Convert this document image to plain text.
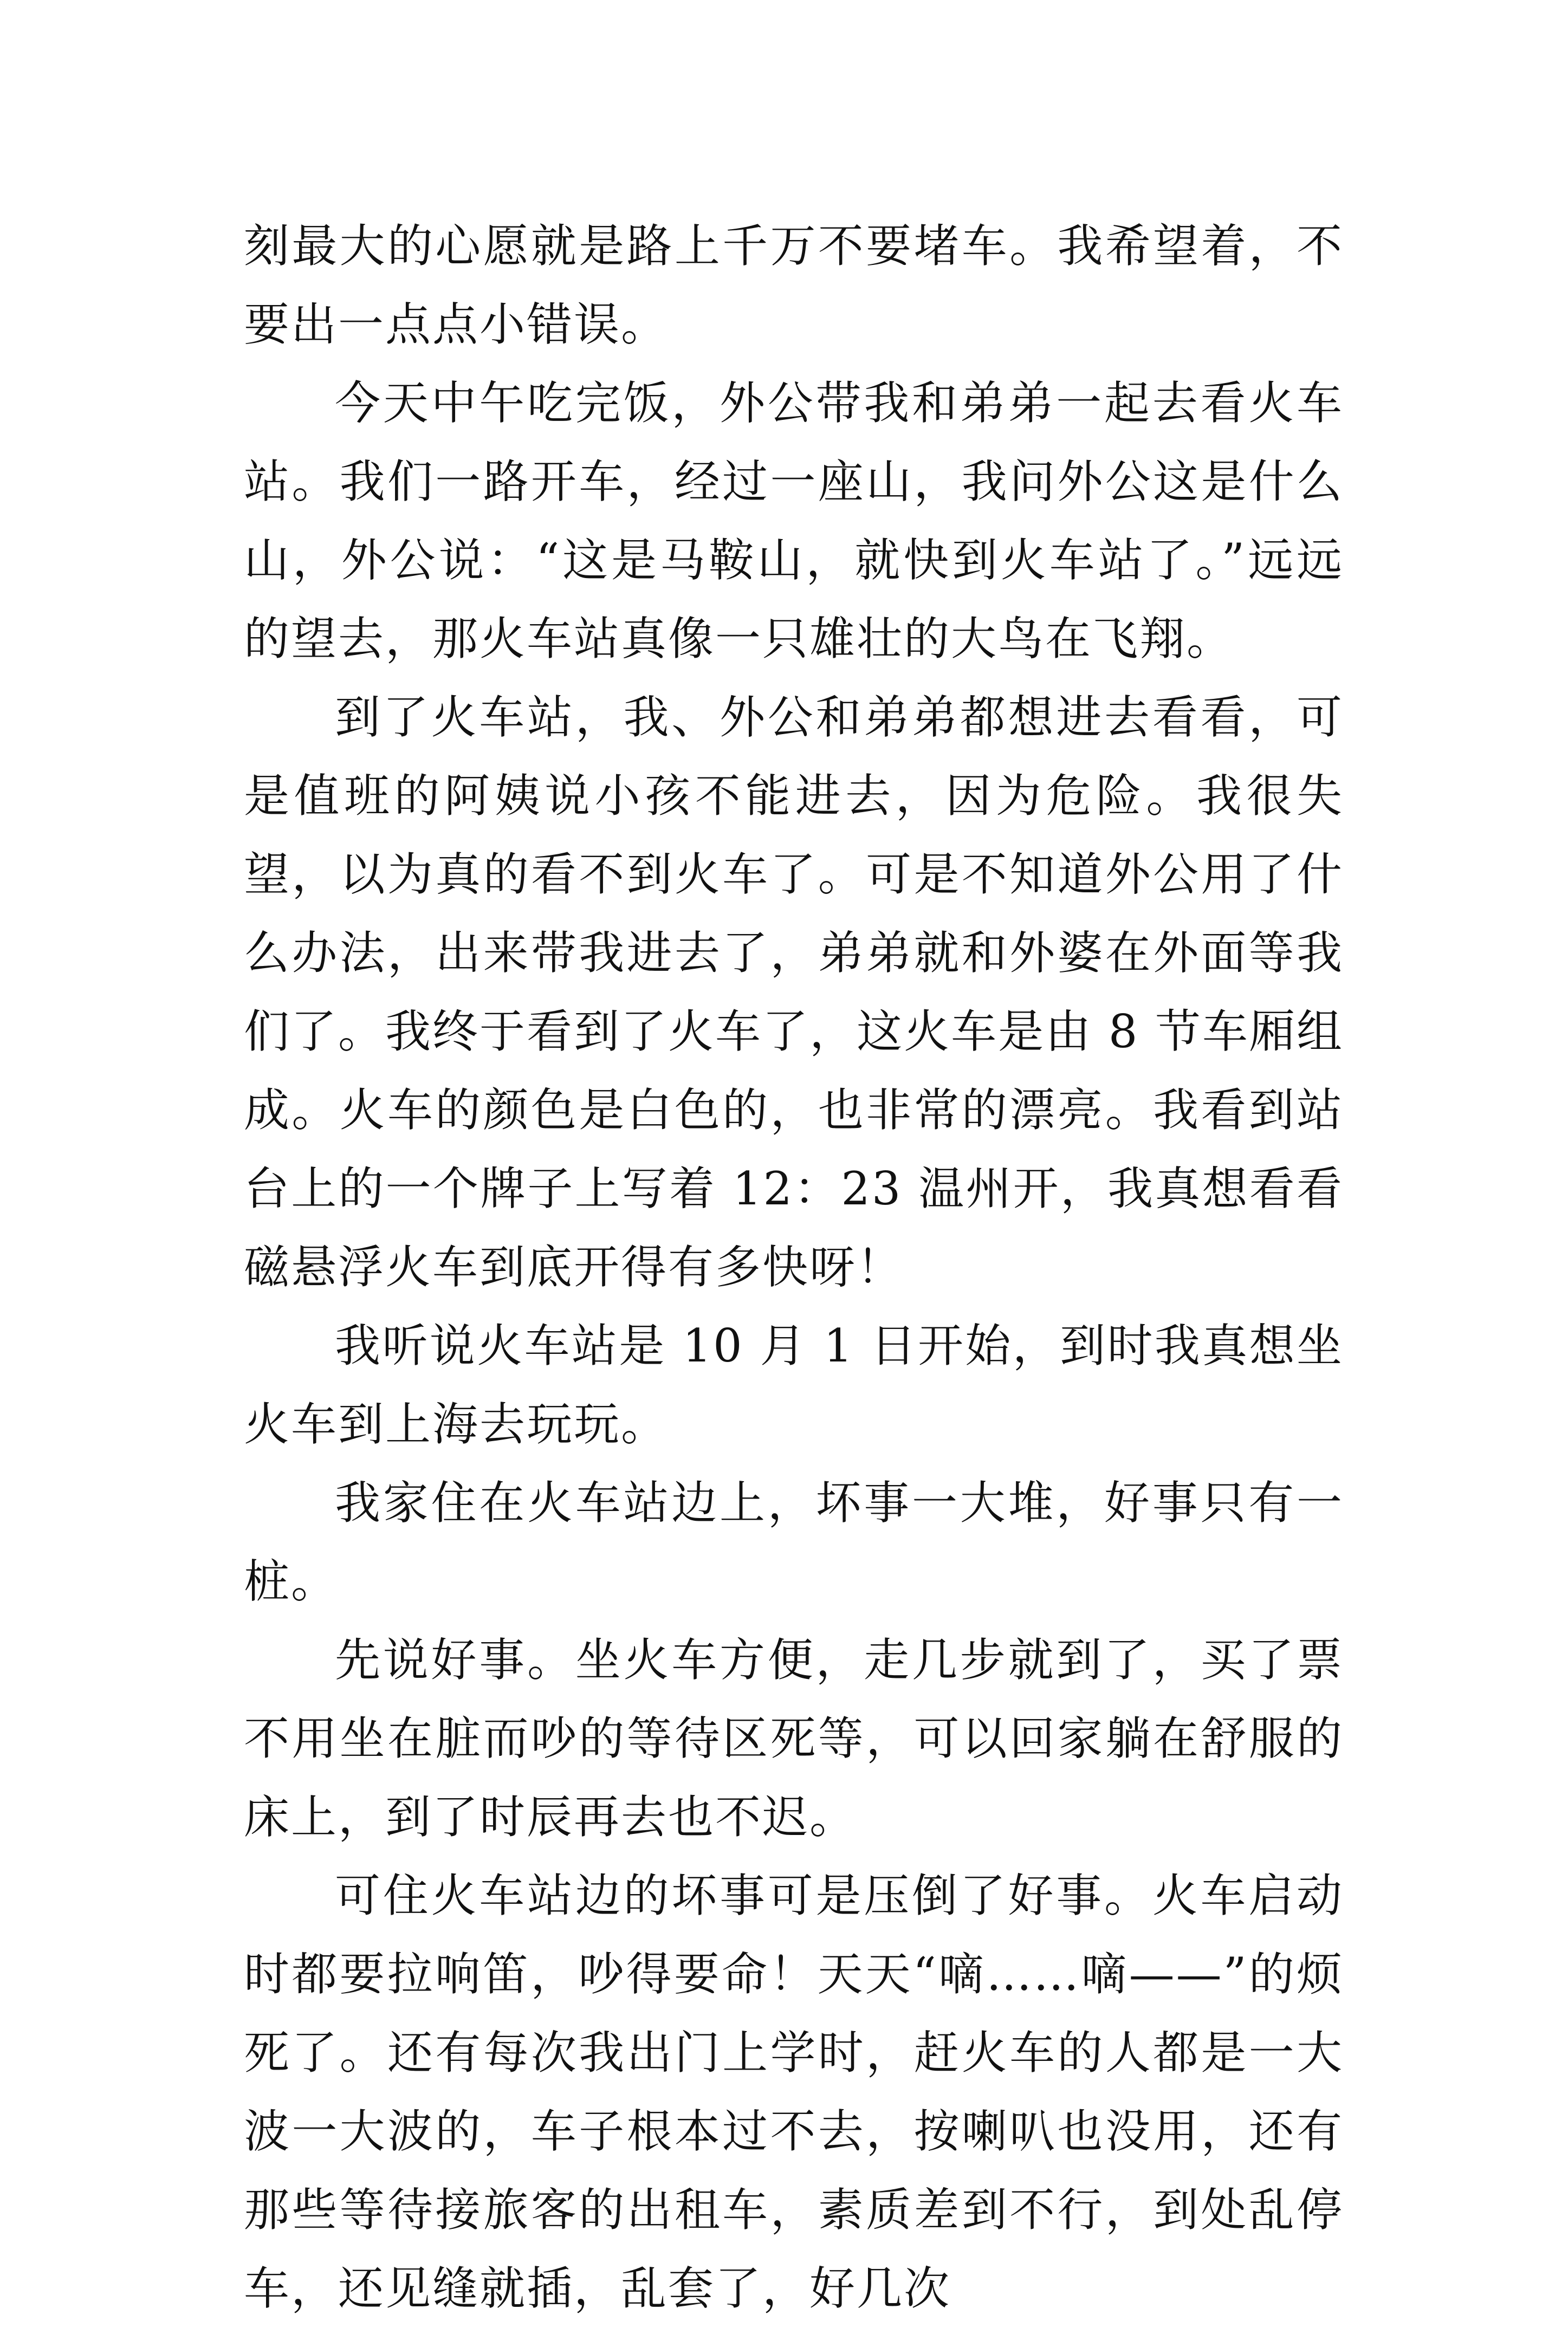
刻最大的心愿就是路上千万不要堵车。我希望着，不要出一点点小错误。

今天中午吃完饭，外公带我和弟弟一起去看火车站。我们一路开车，经过一座山，我问外公这是什么山，外公说：“这是马鞍山，就快到火车站了。”远远的望去，那火车站真像一只雄壮的大鸟在飞翔。

到了火车站，我、外公和弟弟都想进去看看，可是值班的阿姨说小孩不能进去，因为危险。我很失望，以为真的看不到火车了。可是不知道外公用了什么办法，出来带我进去了，弟弟就和外婆在外面等我们了。我终于看到了火车了，这火车是由 8 节车厢组成。火车的颜色是白色的，也非常的漂亮。我看到站台上的一个牌子上写着 12：23 温州开，我真想看看磁悬浮火车到底开得有多快呀！

我听说火车站是 10 月 1 日开始，到时我真想坐火车到上海去玩玩。

我家住在火车站边上，坏事一大堆，好事只有一桩。

先说好事。坐火车方便，走几步就到了，买了票不用坐在脏而吵的等待区死等，可以回家躺在舒服的床上，到了时辰再去也不迟。

可住火车站边的坏事可是压倒了好事。火车启动时都要拉响笛，吵得要命！天天“嘀……嘀——”的烦死了。还有每次我出门上学时，赶火车的人都是一大波一大波的，车子根本过不去，按喇叭也没用，还有那些等待接旅客的出租车，素质差到不行，到处乱停车，还见缝就插，乱套了，好几次
